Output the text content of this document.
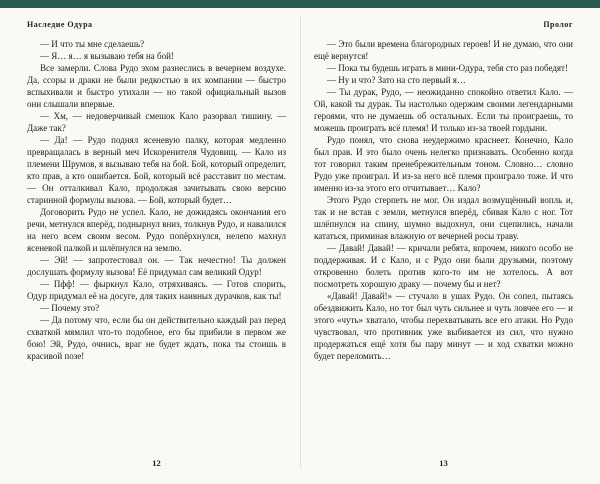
Наследие Одура

— И что ты мне сделаешь?

— Я… я… я вызываю тебя на бой!

Все замерли. Слова Рудо эхом разнеслись в вечернем воздухе. Да, ссоры и драки не были редкостью в их компании — быстро вспыхивали и быстро утихали — но такой официальный вызов они слышали впервые.

— Хм, — недоверчивый смешок Кало разорвал тишину. — Даже так?

— Да! — Рудо поднял ясеневую палку, которая медленно превращалась в верный меч Искоренителя Чудовищ. — Кало из племени Шрумов, я вызываю тебя на бой. Бой, который определит, кто прав, а кто ошибается. Бой, который всё расставит по местам. — Он отталкивал Кало, продолжая зачитывать свою версию старинной формулы вызова. — Бой, который будет…

Договорить Рудо не успел. Кало, не дожидаясь окончания его речи, метнулся вперёд, поднырнул вниз, толкнув Рудо, и навалился на него всем своим весом. Рудо попёрхнулся, нелепо махнул ясеневой палкой и шлёпнулся на землю.

— Эй! — запротестовал он. — Так нечестно! Ты должен дослушать формулу вызова! Её придумал сам великий Одур!

— Пфф! — фыркнул Кало, отряхиваясь. — Готов спорить, Одур придумал её на досуге, для таких наивных дурачков, как ты!

— Почему это?

— Да потому что, если бы он действительно каждый раз перед схваткой мямлил что-то подобное, его бы прибили в первом же бою! Эй, Рудо, очнись, враг не будет ждать, пока ты стоишь в красивой позе!

12
Пролог

— Это были времена благородных героев! И не думаю, что они ещё вернутся!

— Пока ты будешь играть в мини-Одура, тебя сто раз победят!

— Ну и что? Зато на сто первый я…

— Ты дурак, Рудо, — неожиданно спокойно ответил Кало. — Ой, какой ты дурак. Ты настолько одержим своими легендарными героями, что не думаешь об остальных. Если ты проиграешь, то можешь проиграть всё племя! И только из-за твоей гордыни.

Рудо понял, что снова неудержимо краснеет. Конечно, Кало был прав. И это было очень нелегко признавать. Особенно когда тот говорил таким пренебрежительным тоном. Словно… словно Рудо уже проиграл. И из-за него всё племя проиграло тоже. И что именно из-за этого его отчитывает… Кало?

Этого Рудо стерпеть не мог. Он издал возмущённый вопль и, так и не встав с земли, метнулся вперёд, сбивая Кало с ног. Тот шлёпнулся на спину, шумно выдохнул, они сцепились, начали кататься, приминая влажную от вечерней росы траву.

— Давай! Давай! — кричали ребята, впрочем, никого особо не поддерживая. И с Кало, и с Рудо они были друзьями, поэтому откровенно болеть против кого-то им не хотелось. А вот посмотреть хорошую драку — почему бы и нет?

«Давай! Давай!» — стучало в ушах Рудо. Он сопел, пытаясь обездвижить Кало, но тот был чуть сильнее и чуть ловчее его — и этого «чуть» хватало, чтобы перехватывать все его атаки. Но Рудо чувствовал, что противник уже выбивается из сил, что нужно продержаться ещё хотя бы пару минут — и ход схватки можно будет переломить…

13
